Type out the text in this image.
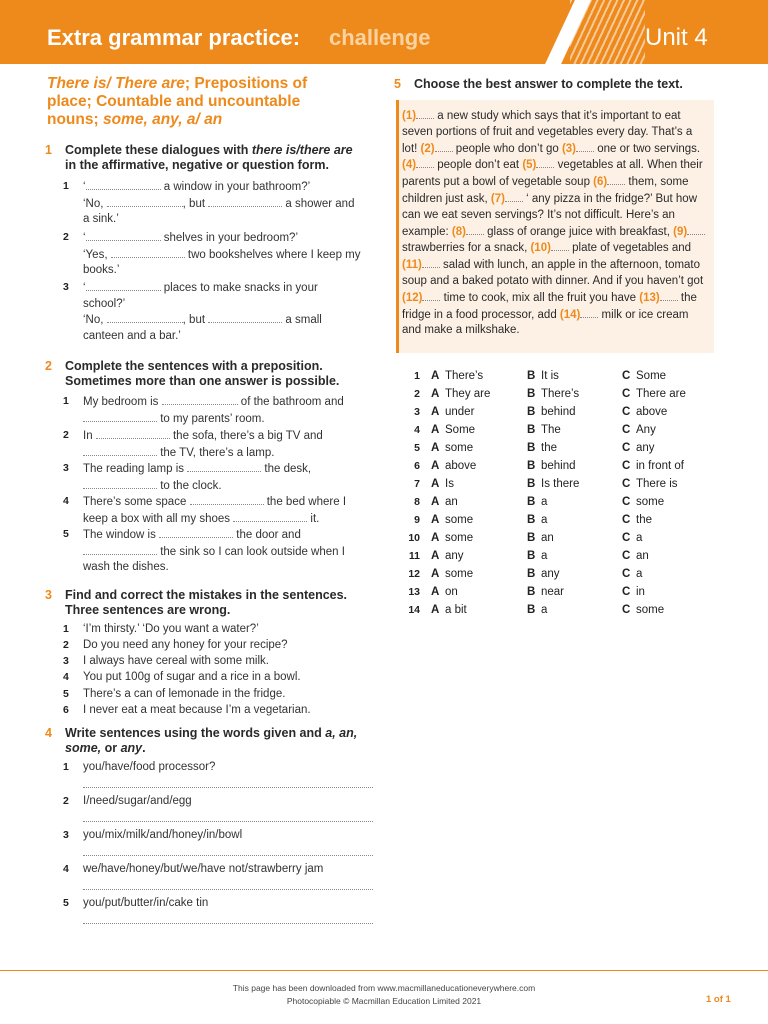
Extra grammar practice: challenge	Unit 4
There is/ There are; Prepositions of
place; Countable and uncountable
nouns; some, any, a/ an
1 Complete these dialogues with there is/there are
in the affirmative, negative or question form.
1 ‘	a window in your bathroom?’
‘No,	, but	a shower and
a sink.’
2 ‘	shelves in your bedroom?’
‘Yes,	two bookshelves where I keep my
books.’
3 ‘	places to make snacks in your
school?’
‘No,	, but	a small
canteen and a bar.’
2 Complete the sentences with a preposition.
Sometimes more than one answer is possible.
1 My bedroom is	of the bathroom and
to my parents’ room.
2 In	the sofa, there’s a big TV and
the TV, there’s a lamp.
3 The reading lamp is	the desk,
to the clock.
4 There’s some space	the bed where I
keep a box with all my shoes	it.
5 The window is	the door and
the sink so I can look outside when I
wash the dishes.
3 Find and correct the mistakes in the sentences.
Three sentences are wrong.
1 ‘I’m thirsty.’ ‘Do you want a water?’
2 Do you need any honey for your recipe?
3 I always have cereal with some milk.
4 You put 100g of sugar and a rice in a bowl.
5 There’s a can of lemonade in the fridge.
6 I never eat a meat because I’m a vegetarian.
4 Write sentences using the words given and a, an,
some, or any.
1 you/have/food processor?
2 I/need/sugar/and/egg
3 you/mix/milk/and/honey/in/bowl
4 we/have/honey/but/we/have not/strawberry jam
5 you/put/butter/in/cake tin
5 Choose the best answer to complete the text.
(1) a new study which says that it’s important to eat seven portions of fruit and vegetables every day. That’s a lot! (2) people who don’t go (3) one or two servings. (4) people don’t eat (5) vegetables at all. When their parents put a bowl of vegetable soup (6) them, some children just ask, (7) ‘ any pizza in the fridge?’ But how can we eat seven servings? It’s not difficult. Here’s an example: (8) glass of orange juice with breakfast, (9) strawberries for a snack, (10) plate of vegetables and (11) salad with lunch, an apple in the afternoon, tomato soup and a baked potato with dinner. And if you haven’t got (12) time to cook, mix all the fruit you have (13) the fridge in a food processor, add (14) milk or ice cream and make a milkshake.
1 A There’s	B It is	C Some
2 A They are	B There’s	C There are
3 A under	B behind	C above
4 A Some	B The	C Any
5 A some	B the	C any
6 A above	B behind	C in front of
7 A Is	B Is there	C There is
8 A an	B a	C some
9 A some	B a	C the
10 A some	B an	C a
11 A any	B a	C an
12 A some	B any	C a
13 A on	B near	C in
14 A a bit	B a	C some
This page has been downloaded from www.macmillaneducationeverywhere.com
Photocopiable © Macmillan Education Limited 2021	1 of 1
